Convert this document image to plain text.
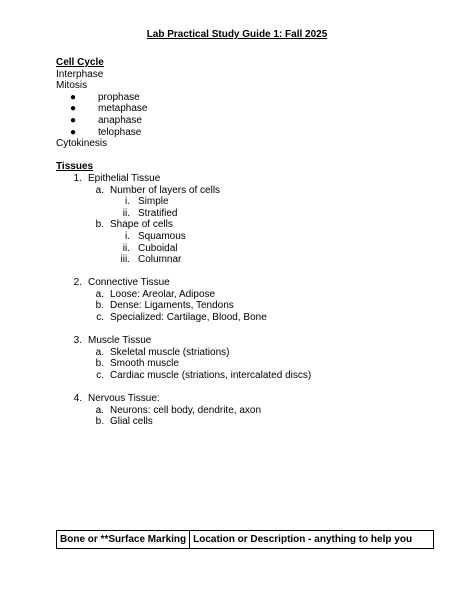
Lab Practical Study Guide 1: Fall 2025
Cell Cycle
Interphase
Mitosis
● prophase
● metaphase
● anaphase
● telophase
Cytokinesis
Tissues
1. Epithelial Tissue
a. Number of layers of cells
i. Simple
ii. Stratified
b. Shape of cells
i. Squamous
ii. Cuboidal
iii. Columnar
2. Connective Tissue
a. Loose: Areolar, Adipose
b. Dense: Ligaments, Tendons
c. Specialized: Cartilage, Blood, Bone
3. Muscle Tissue
a. Skeletal muscle (striations)
b. Smooth muscle
c. Cardiac muscle (striations, intercalated discs)
4. Nervous Tissue:
a. Neurons: cell body, dendrite, axon
b. Glial cells
Bone or **Surface Marking	Location or Description - anything to help you
